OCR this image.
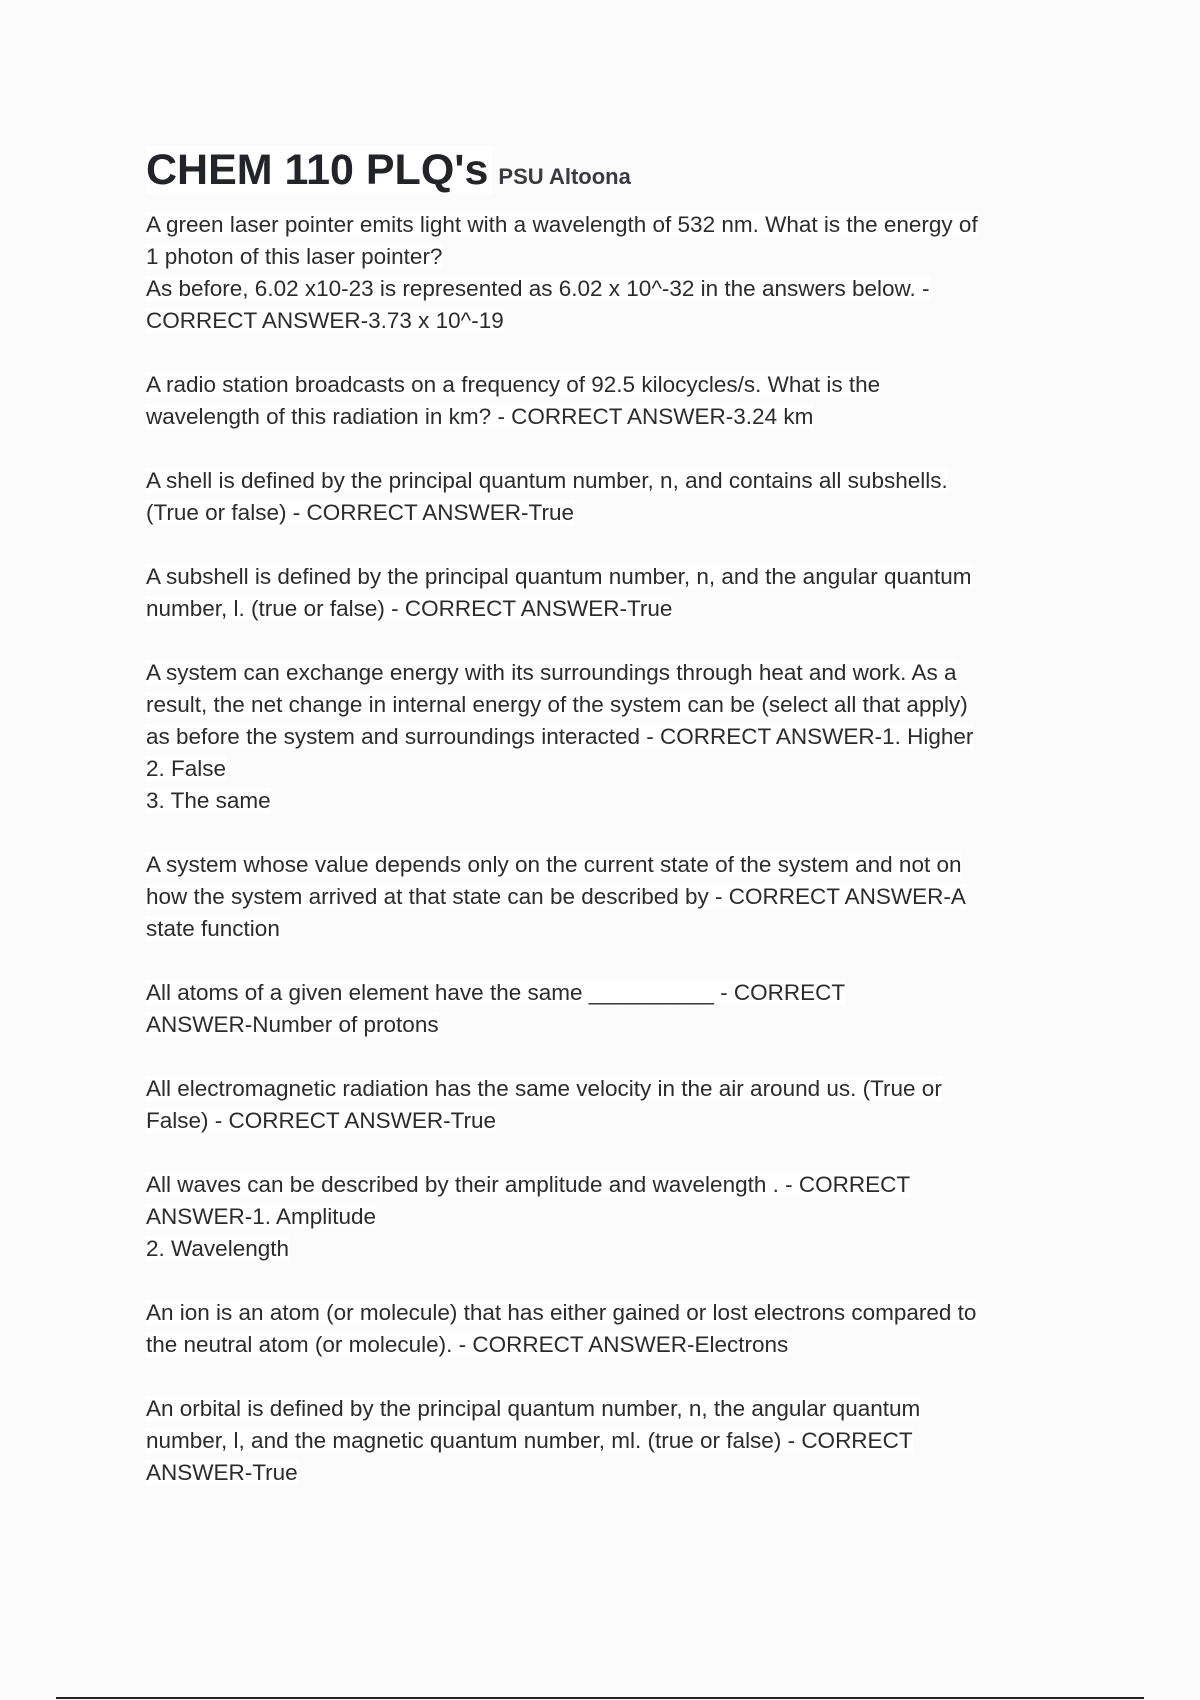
CHEM 110 PLQ's PSU Altoona
A green laser pointer emits light with a wavelength of 532 nm. What is the energy of
1 photon of this laser pointer?
As before, 6.02 x10-23 is represented as 6.02 x 10^-32 in the answers below. -
CORRECT ANSWER-3.73 x 10^-19
A radio station broadcasts on a frequency of 92.5 kilocycles/s. What is the
wavelength of this radiation in km? - CORRECT ANSWER-3.24 km
A shell is defined by the principal quantum number, n, and contains all subshells.
(True or false) - CORRECT ANSWER-True
A subshell is defined by the principal quantum number, n, and the angular quantum
number, l. (true or false) - CORRECT ANSWER-True
A system can exchange energy with its surroundings through heat and work. As a
result, the net change in internal energy of the system can be (select all that apply)
as before the system and surroundings interacted - CORRECT ANSWER-1. Higher
2. False
3. The same
A system whose value depends only on the current state of the system and not on
how the system arrived at that state can be described by - CORRECT ANSWER-A
state function
All atoms of a given element have the same __________ - CORRECT
ANSWER-Number of protons
All electromagnetic radiation has the same velocity in the air around us. (True or
False) - CORRECT ANSWER-True
All waves can be described by their amplitude and wavelength . - CORRECT
ANSWER-1. Amplitude
2. Wavelength
An ion is an atom (or molecule) that has either gained or lost electrons compared to
the neutral atom (or molecule). - CORRECT ANSWER-Electrons
An orbital is defined by the principal quantum number, n, the angular quantum
number, l, and the magnetic quantum number, ml. (true or false) - CORRECT
ANSWER-True
